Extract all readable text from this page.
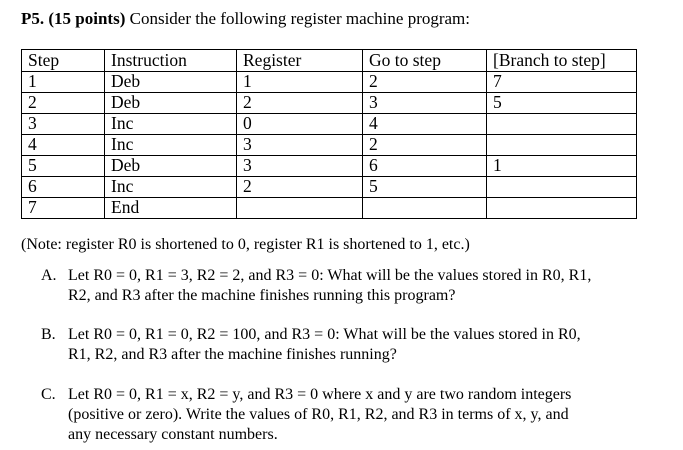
P5. (15 points) Consider the following register machine program:
Step	Instruction	Register	Go to step	[Branch to step]
1	Deb	1	2	7
2	Deb	2	3	5
3	Inc	0	4	
4	Inc	3	2	
5	Deb	3	6	1
6	Inc	2	5	
7	End			
(Note: register R0 is shortened to 0, register R1 is shortened to 1, etc.)
A. Let R0 = 0, R1 = 3, R2 = 2, and R3 = 0: What will be the values stored in R0, R1,
R2, and R3 after the machine finishes running this program?
B. Let R0 = 0, R1 = 0, R2 = 100, and R3 = 0: What will be the values stored in R0,
R1, R2, and R3 after the machine finishes running?
C. Let R0 = 0, R1 = x, R2 = y, and R3 = 0 where x and y are two random integers
(positive or zero). Write the values of R0, R1, R2, and R3 in terms of x, y, and
any necessary constant numbers.
